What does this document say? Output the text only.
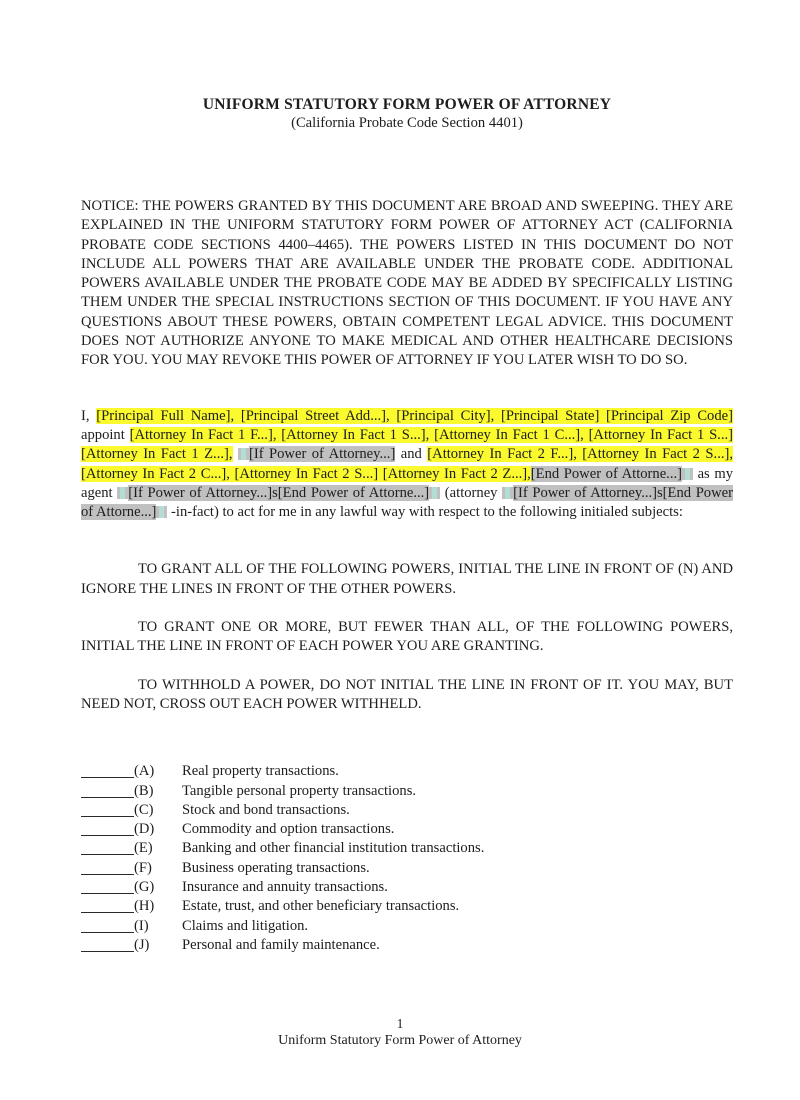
UNIFORM STATUTORY FORM POWER OF ATTORNEY
(California Probate Code Section 4401)

NOTICE: THE POWERS GRANTED BY THIS DOCUMENT ARE BROAD AND SWEEPING. THEY ARE EXPLAINED IN THE UNIFORM STATUTORY FORM POWER OF ATTORNEY ACT (CALIFORNIA PROBATE CODE SECTIONS 4400–4465). THE POWERS LISTED IN THIS DOCUMENT DO NOT INCLUDE ALL POWERS THAT ARE AVAILABLE UNDER THE PROBATE CODE. ADDITIONAL POWERS AVAILABLE UNDER THE PROBATE CODE MAY BE ADDED BY SPECIFICALLY LISTING THEM UNDER THE SPECIAL INSTRUCTIONS SECTION OF THIS DOCUMENT. IF YOU HAVE ANY QUESTIONS ABOUT THESE POWERS, OBTAIN COMPETENT LEGAL ADVICE. THIS DOCUMENT DOES NOT AUTHORIZE ANYONE TO MAKE MEDICAL AND OTHER HEALTHCARE DECISIONS FOR YOU. YOU MAY REVOKE THIS POWER OF ATTORNEY IF YOU LATER WISH TO DO SO.

I, [Principal Full Name], [Principal Street Add...], [Principal City], [Principal State] [Principal Zip Code] appoint [Attorney In Fact 1 F...], [Attorney In Fact 1 S...], [Attorney In Fact 1 C...], [Attorney In Fact 1 S...] [Attorney In Fact 1 Z...], [If Power of Attorney...] and [Attorney In Fact 2 F...], [Attorney In Fact 2 S...], [Attorney In Fact 2 C...], [Attorney In Fact 2 S...] [Attorney In Fact 2 Z...],[End Power of Attorne...] as my agent [If Power of Attorney...]s[End Power of Attorne...] (attorney [If Power of Attorney...]s[End Power of Attorne...] -in-fact) to act for me in any lawful way with respect to the following initialed subjects:

TO GRANT ALL OF THE FOLLOWING POWERS, INITIAL THE LINE IN FRONT OF (N) AND IGNORE THE LINES IN FRONT OF THE OTHER POWERS.

TO GRANT ONE OR MORE, BUT FEWER THAN ALL, OF THE FOLLOWING POWERS, INITIAL THE LINE IN FRONT OF EACH POWER YOU ARE GRANTING.

TO WITHHOLD A POWER, DO NOT INITIAL THE LINE IN FRONT OF IT. YOU MAY, BUT NEED NOT, CROSS OUT EACH POWER WITHHELD.

(A) Real property transactions.
(B) Tangible personal property transactions.
(C) Stock and bond transactions.
(D) Commodity and option transactions.
(E) Banking and other financial institution transactions.
(F) Business operating transactions.
(G) Insurance and annuity transactions.
(H) Estate, trust, and other beneficiary transactions.
(I) Claims and litigation.
(J) Personal and family maintenance.
1
Uniform Statutory Form Power of Attorney
